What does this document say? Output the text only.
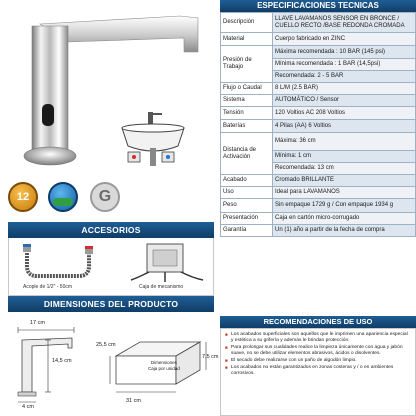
12	G
ACCESORIOS
Acople de 1/2" - 50cm	Caja de mecanismo
DIMENSIONES DEL PRODUCTO
17 cm
14,5 cm
4 cm
Dimensiones
Caja por unidad
25,5 cm
31 cm
7,5 cm
ESPECIFICACIONES TECNICAS
Descripción	LLAVE LAVAMANOS SENSOR EN BRONCE / CUELLO RECTO /BASE REDONDA CROMADA
Material	Cuerpo fabricado en ZINC
Presión de Trabajo	Máxima recomendada : 10 BAR (145 psi)
	Mínima recomendada : 1 BAR (14,5psi)
	Recomendada: 2 - 5 BAR
Flujo o Caudal	8 L/M (2.5 BAR)
Sistema	AUTOMÁTICO / Sensor
Tensión	120 Voltios AC 208 Voltios
Baterías	4 Pilas (AA) 6 Voltios
Distancia de Activación	Máxima: 36 cm
	Mínima: 1 cm
	Recomendada: 13 cm
Acabado	Cromado BRILLANTE
Uso	Ideal para LAVAMANOS
Peso	Sin empaque 1729 g / Con empaque 1934 g
Presentación	Caja en cartón micro-corrugado
Garantía	Un (1) año a partir de la fecha de compra
RECOMENDACIONES DE USO
■ Los acabados superficiales son aquellos que le imprimen una apariencia especial y estética a su grifería y además le brindan protección.
■ Para prolongar sus cualidades realice la limpieza únicamente con agua y jabón suave, no se debe utilizar elementos abrasivos, ácidos o disolventes.
■ El secado debe realizarse con un paño de algodón limpio.
■ Los acabados no están garantizados en zonas costeras y / o en ambientes corrosivos.
